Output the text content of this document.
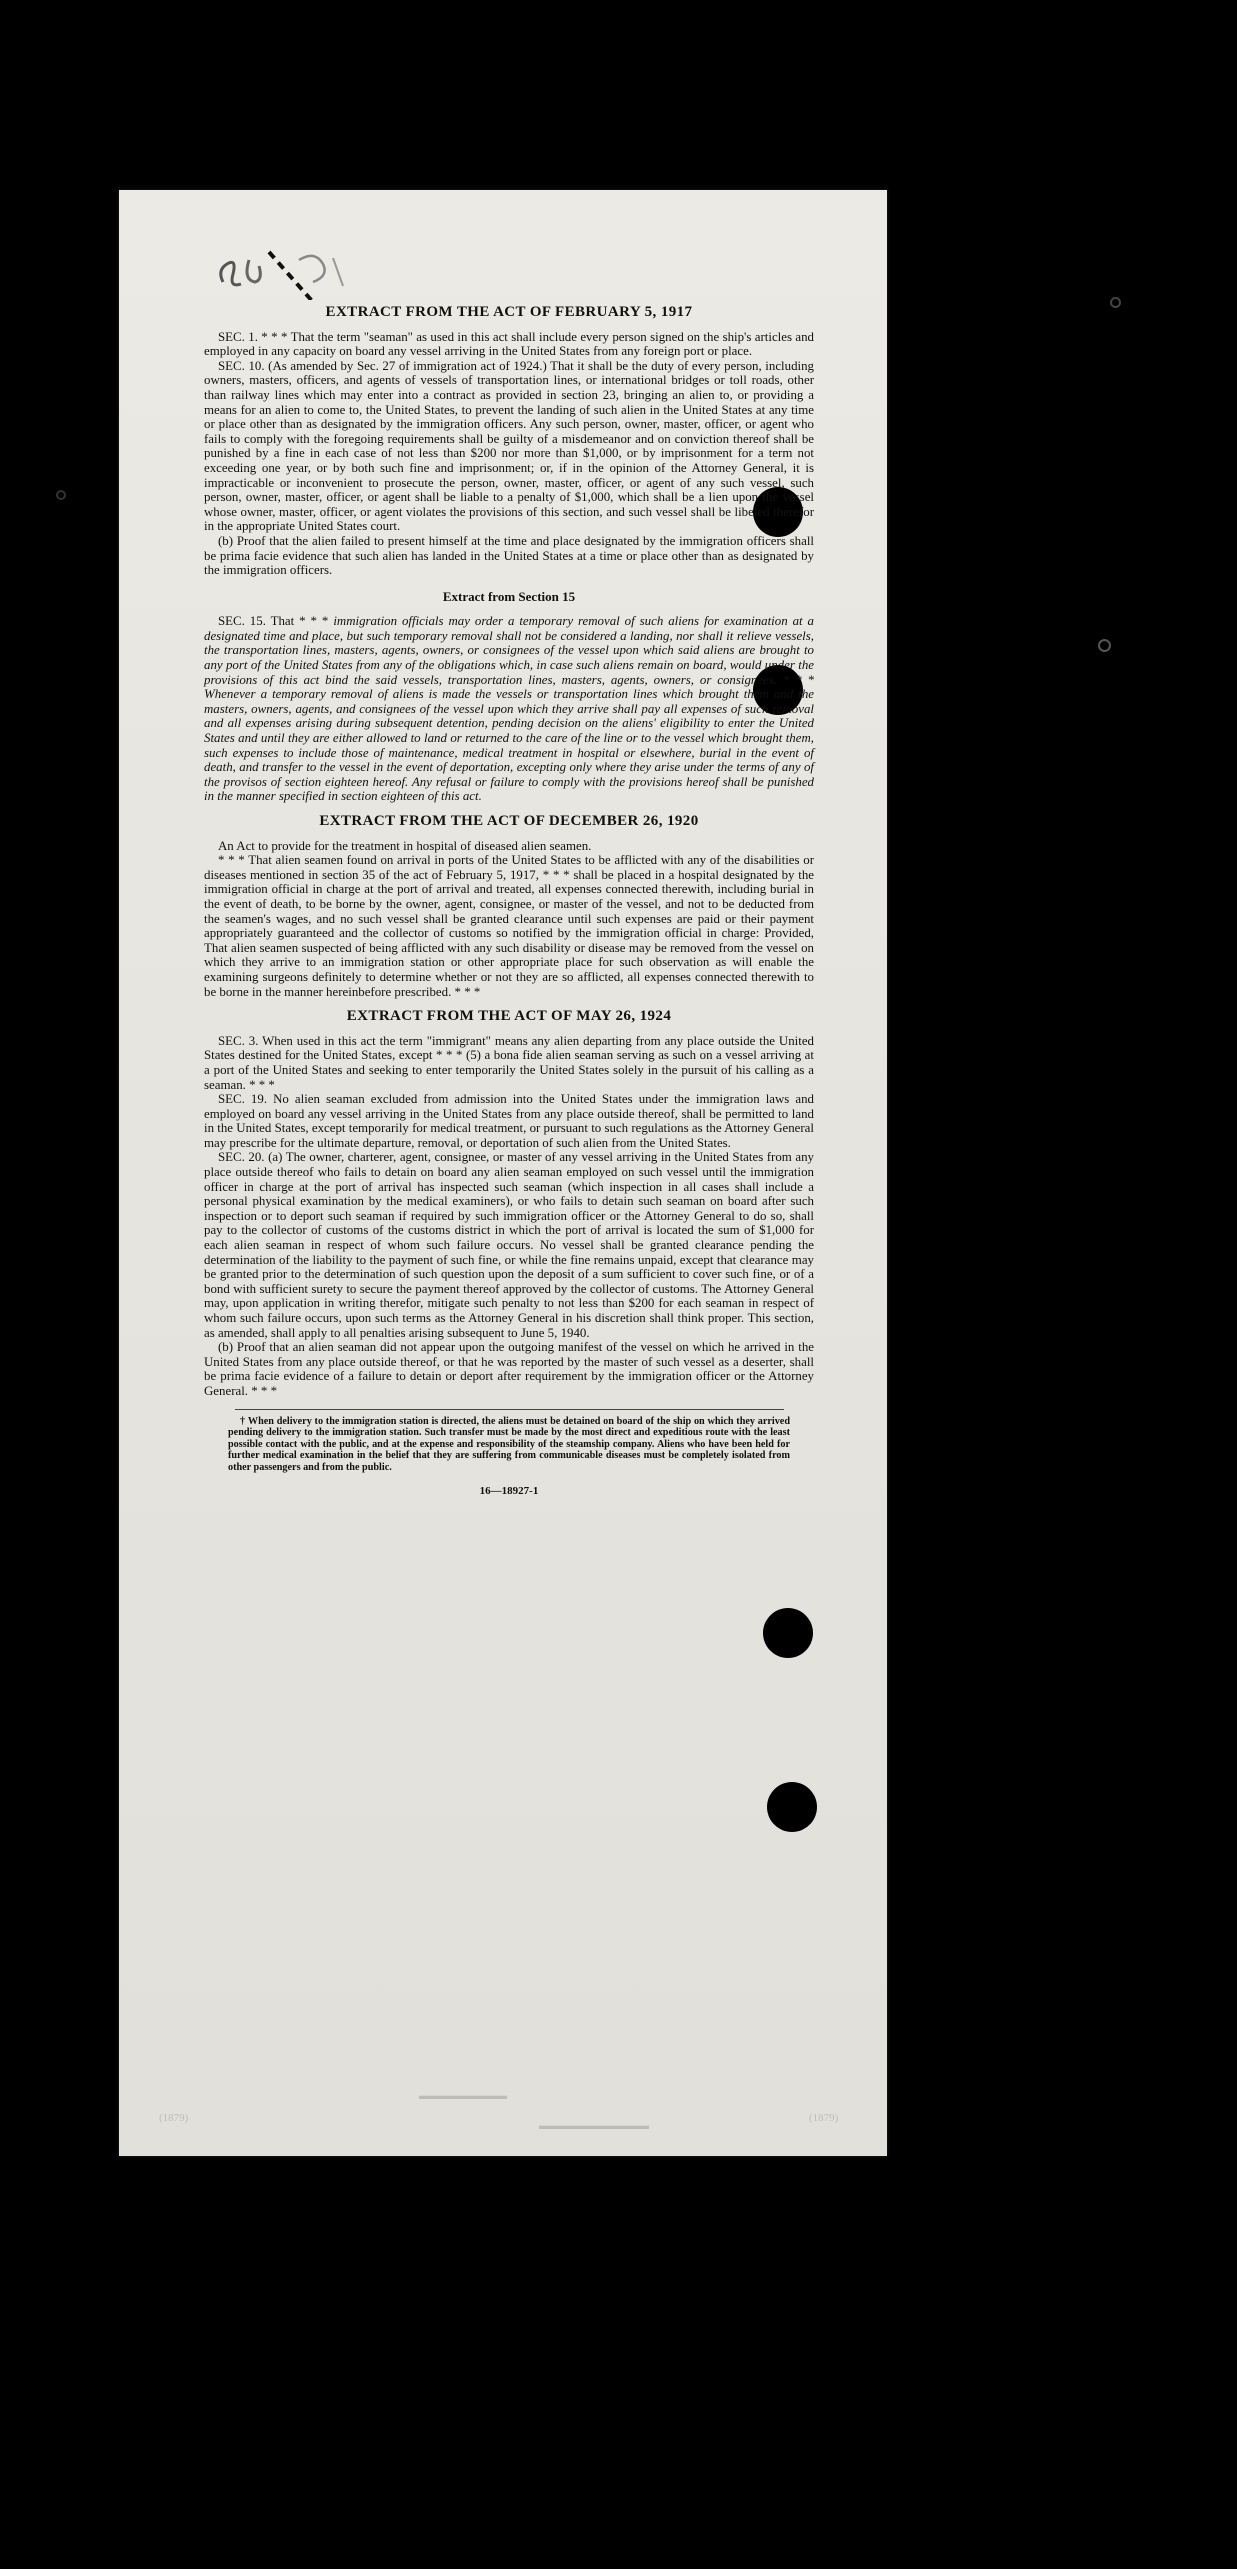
(1879)
▬▬▬▬▬▬▬▬
▬▬▬▬▬▬▬▬▬▬
(1879)
EXTRACT FROM THE ACT OF FEBRUARY 5, 1917

SEC. 1. * * * That the term "seaman" as used in this act shall include every person signed on the ship's articles and employed in any capacity on board any vessel arriving in the United States from any foreign port or place.

SEC. 10. (As amended by Sec. 27 of immigration act of 1924.) That it shall be the duty of every person, including owners, masters, officers, and agents of vessels of transportation lines, or international bridges or toll roads, other than railway lines which may enter into a contract as provided in section 23, bringing an alien to, or providing a means for an alien to come to, the United States, to prevent the landing of such alien in the United States at any time or place other than as designated by the immigration officers. Any such person, owner, master, officer, or agent who fails to comply with the foregoing requirements shall be guilty of a misdemeanor and on conviction thereof shall be punished by a fine in each case of not less than $200 nor more than $1,000, or by imprisonment for a term not exceeding one year, or by both such fine and imprisonment; or, if in the opinion of the Attorney General, it is impracticable or inconvenient to prosecute the person, owner, master, officer, or agent of any such vessel, such person, owner, master, officer, or agent shall be liable to a penalty of $1,000, which shall be a lien upon the vessel whose owner, master, officer, or agent violates the provisions of this section, and such vessel shall be libeled therefor in the appropriate United States court.

(b) Proof that the alien failed to present himself at the time and place designated by the immigration officers shall be prima facie evidence that such alien has landed in the United States at a time or place other than as designated by the immigration officers.

Extract from Section 15

SEC. 15. That * * * immigration officials may order a temporary removal of such aliens for examination at a designated time and place, but such temporary removal shall not be considered a landing, nor shall it relieve vessels, the transportation lines, masters, agents, owners, or consignees of the vessel upon which said aliens are brought to any port of the United States from any of the obligations which, in case such aliens remain on board, would under the provisions of this act bind the said vessels, transportation lines, masters, agents, owners, or consignees. * * * Whenever a temporary removal of aliens is made the vessels or transportation lines which brought them and the masters, owners, agents, and consignees of the vessel upon which they arrive shall pay all expenses of such removal and all expenses arising during subsequent detention, pending decision on the aliens' eligibility to enter the United States and until they are either allowed to land or returned to the care of the line or to the vessel which brought them, such expenses to include those of maintenance, medical treatment in hospital or elsewhere, burial in the event of death, and transfer to the vessel in the event of deportation, excepting only where they arise under the terms of any of the provisos of section eighteen hereof. Any refusal or failure to comply with the provisions hereof shall be punished in the manner specified in section eighteen of this act.

EXTRACT FROM THE ACT OF DECEMBER 26, 1920

An Act to provide for the treatment in hospital of diseased alien seamen.

* * * That alien seamen found on arrival in ports of the United States to be afflicted with any of the disabilities or diseases mentioned in section 35 of the act of February 5, 1917, * * * shall be placed in a hospital designated by the immigration official in charge at the port of arrival and treated, all expenses connected therewith, including burial in the event of death, to be borne by the owner, agent, consignee, or master of the vessel, and not to be deducted from the seamen's wages, and no such vessel shall be granted clearance until such expenses are paid or their payment appropriately guaranteed and the collector of customs so notified by the immigration official in charge: Provided, That alien seamen suspected of being afflicted with any such disability or disease may be removed from the vessel on which they arrive to an immigration station or other appropriate place for such observation as will enable the examining surgeons definitely to determine whether or not they are so afflicted, all expenses connected therewith to be borne in the manner hereinbefore prescribed. * * *

EXTRACT FROM THE ACT OF MAY 26, 1924

SEC. 3. When used in this act the term "immigrant" means any alien departing from any place outside the United States destined for the United States, except * * * (5) a bona fide alien seaman serving as such on a vessel arriving at a port of the United States and seeking to enter temporarily the United States solely in the pursuit of his calling as a seaman. * * *

SEC. 19. No alien seaman excluded from admission into the United States under the immigration laws and employed on board any vessel arriving in the United States from any place outside thereof, shall be permitted to land in the United States, except temporarily for medical treatment, or pursuant to such regulations as the Attorney General may prescribe for the ultimate departure, removal, or deportation of such alien from the United States.

SEC. 20. (a) The owner, charterer, agent, consignee, or master of any vessel arriving in the United States from any place outside thereof who fails to detain on board any alien seaman employed on such vessel until the immigration officer in charge at the port of arrival has inspected such seaman (which inspection in all cases shall include a personal physical examination by the medical examiners), or who fails to detain such seaman on board after such inspection or to deport such seaman if required by such immigration officer or the Attorney General to do so, shall pay to the collector of customs of the customs district in which the port of arrival is located the sum of $1,000 for each alien seaman in respect of whom such failure occurs. No vessel shall be granted clearance pending the determination of the liability to the payment of such fine, or while the fine remains unpaid, except that clearance may be granted prior to the determination of such question upon the deposit of a sum sufficient to cover such fine, or of a bond with sufficient surety to secure the payment thereof approved by the collector of customs. The Attorney General may, upon application in writing therefor, mitigate such penalty to not less than $200 for each seaman in respect of whom such failure occurs, upon such terms as the Attorney General in his discretion shall think proper. This section, as amended, shall apply to all penalties arising subsequent to June 5, 1940.

(b) Proof that an alien seaman did not appear upon the outgoing manifest of the vessel on which he arrived in the United States from any place outside thereof, or that he was reported by the master of such vessel as a deserter, shall be prima facie evidence of a failure to detain or deport after requirement by the immigration officer or the Attorney General. * * *

† When delivery to the immigration station is directed, the aliens must be detained on board of the ship on which they arrived pending delivery to the immigration station. Such transfer must be made by the most direct and expeditious route with the least possible contact with the public, and at the expense and responsibility of the steamship company. Aliens who have been held for further medical examination in the belief that they are suffering from communicable diseases must be completely isolated from other passengers and from the public.

16—18927-1
